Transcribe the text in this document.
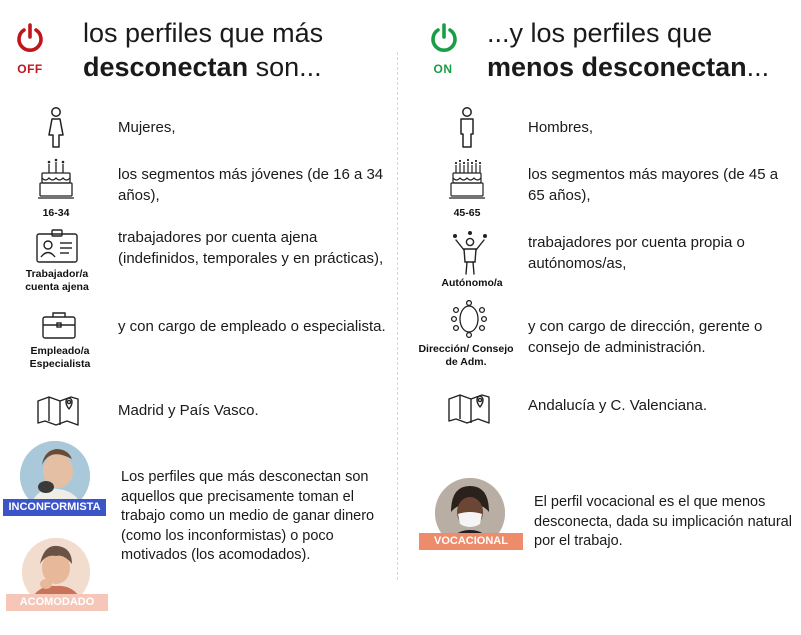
OFF
los perfiles que más
desconectan son...
Mujeres,
16-34
los segmentos más jóvenes (de 16 a 34 años),
Trabajador/a cuenta ajena
trabajadores por cuenta ajena (indefinidos, temporales y en prácticas),
Empleado/a Especialista
y con cargo de empleado o especialista.
Madrid y País Vasco.
INCONFORMISTA
ACOMODADO
Los perfiles que más desconectan son aquellos que precisamente toman el trabajo como un medio de ganar dinero (como los inconformistas) o poco motivados (los acomodados).
ON
...y los perfiles que
menos desconectan...
Hombres,
45-65
los segmentos más mayores (de 45 a 65 años),
Autónomo/a
trabajadores por cuenta propia o autónomos/as,
Dirección/ Consejo de Adm.
y con cargo de dirección, gerente o consejo de administración.
Andalucía y C. Valenciana.
VOCACIONAL
El perfil vocacional es el que menos desconecta, dada su implicación natural por el trabajo.
